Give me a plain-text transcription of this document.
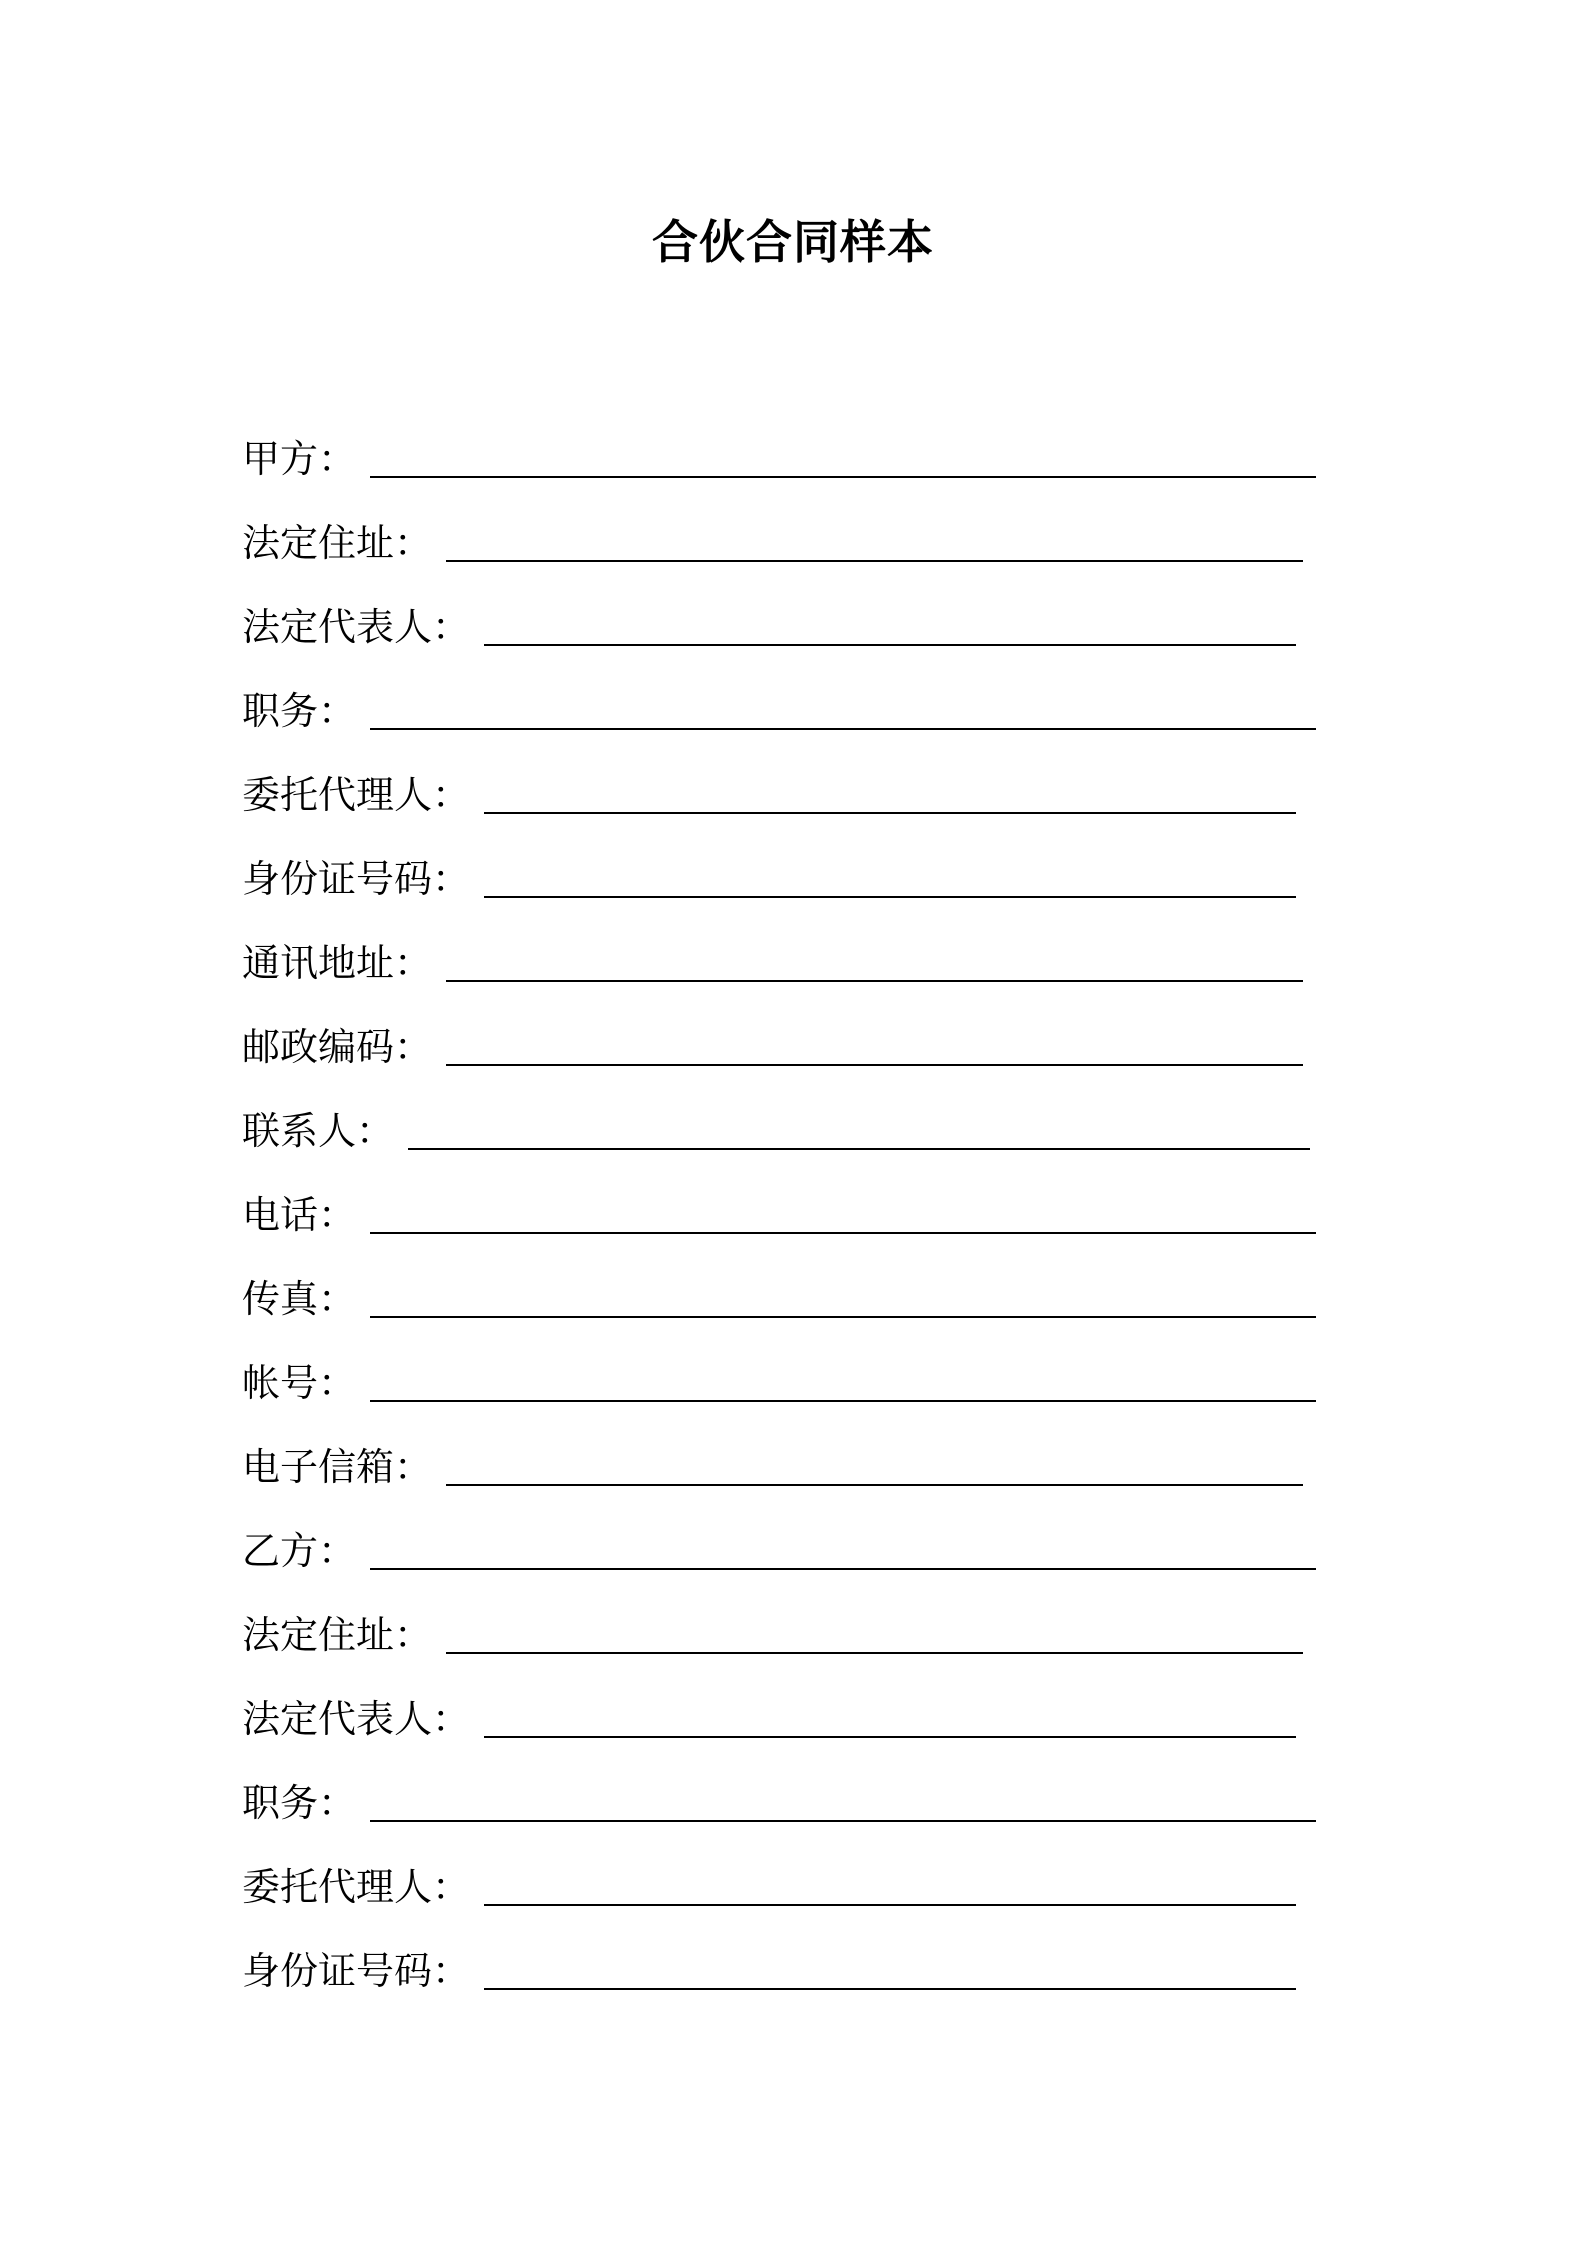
合伙合同样本
甲方：
法定住址：
法定代表人：
职务：
委托代理人：
身份证号码：
通讯地址：
邮政编码：
联系人：
电话：
传真：
帐号：
电子信箱：
乙方：
法定住址：
法定代表人：
职务：
委托代理人：
身份证号码：
